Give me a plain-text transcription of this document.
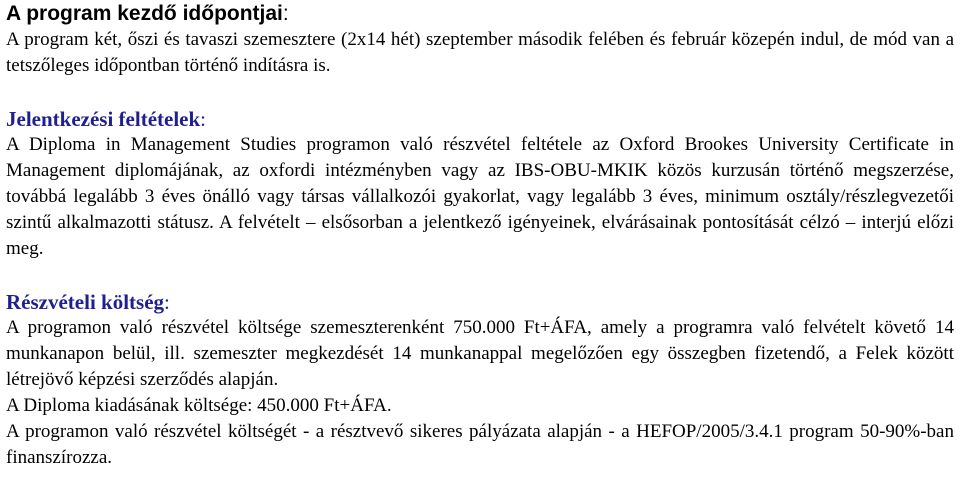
A program kezdő időpontjai:

A program két, őszi és tavaszi szemesztere (2x14 hét) szeptember második felében és február közepén indul, de mód van a tetszőleges időpontban történő indításra is.

Jelentkezési feltételek:

A Diploma in Management Studies programon való részvétel feltétele az Oxford Brookes University Certificate in Management diplomájának, az oxfordi intézményben vagy az IBS-OBU-MKIK közös kurzusán történő megszerzése, továbbá legalább 3 éves önálló vagy társas vállalkozói gyakorlat, vagy legalább 3 éves, minimum osztály/részlegvezetői szintű alkalmazotti státusz. A felvételt – elsősorban a jelentkező igényeinek, elvárásainak pontosítását célzó – interjú előzi meg.

Részvételi költség:

A programon való részvétel költsége szemeszterenként 750.000 Ft+ÁFA, amely a programra való felvételt követő 14 munkanapon belül, ill. szemeszter megkezdését 14 munkanappal megelőzően egy összegben fizetendő, a Felek között létrejövő képzési szerződés alapján.

A Diploma kiadásának költsége: 450.000 Ft+ÁFA.

A programon való részvétel költségét - a résztvevő sikeres pályázata alapján - a HEFOP/2005/3.4.1 program 50-90%-ban finanszírozza.
